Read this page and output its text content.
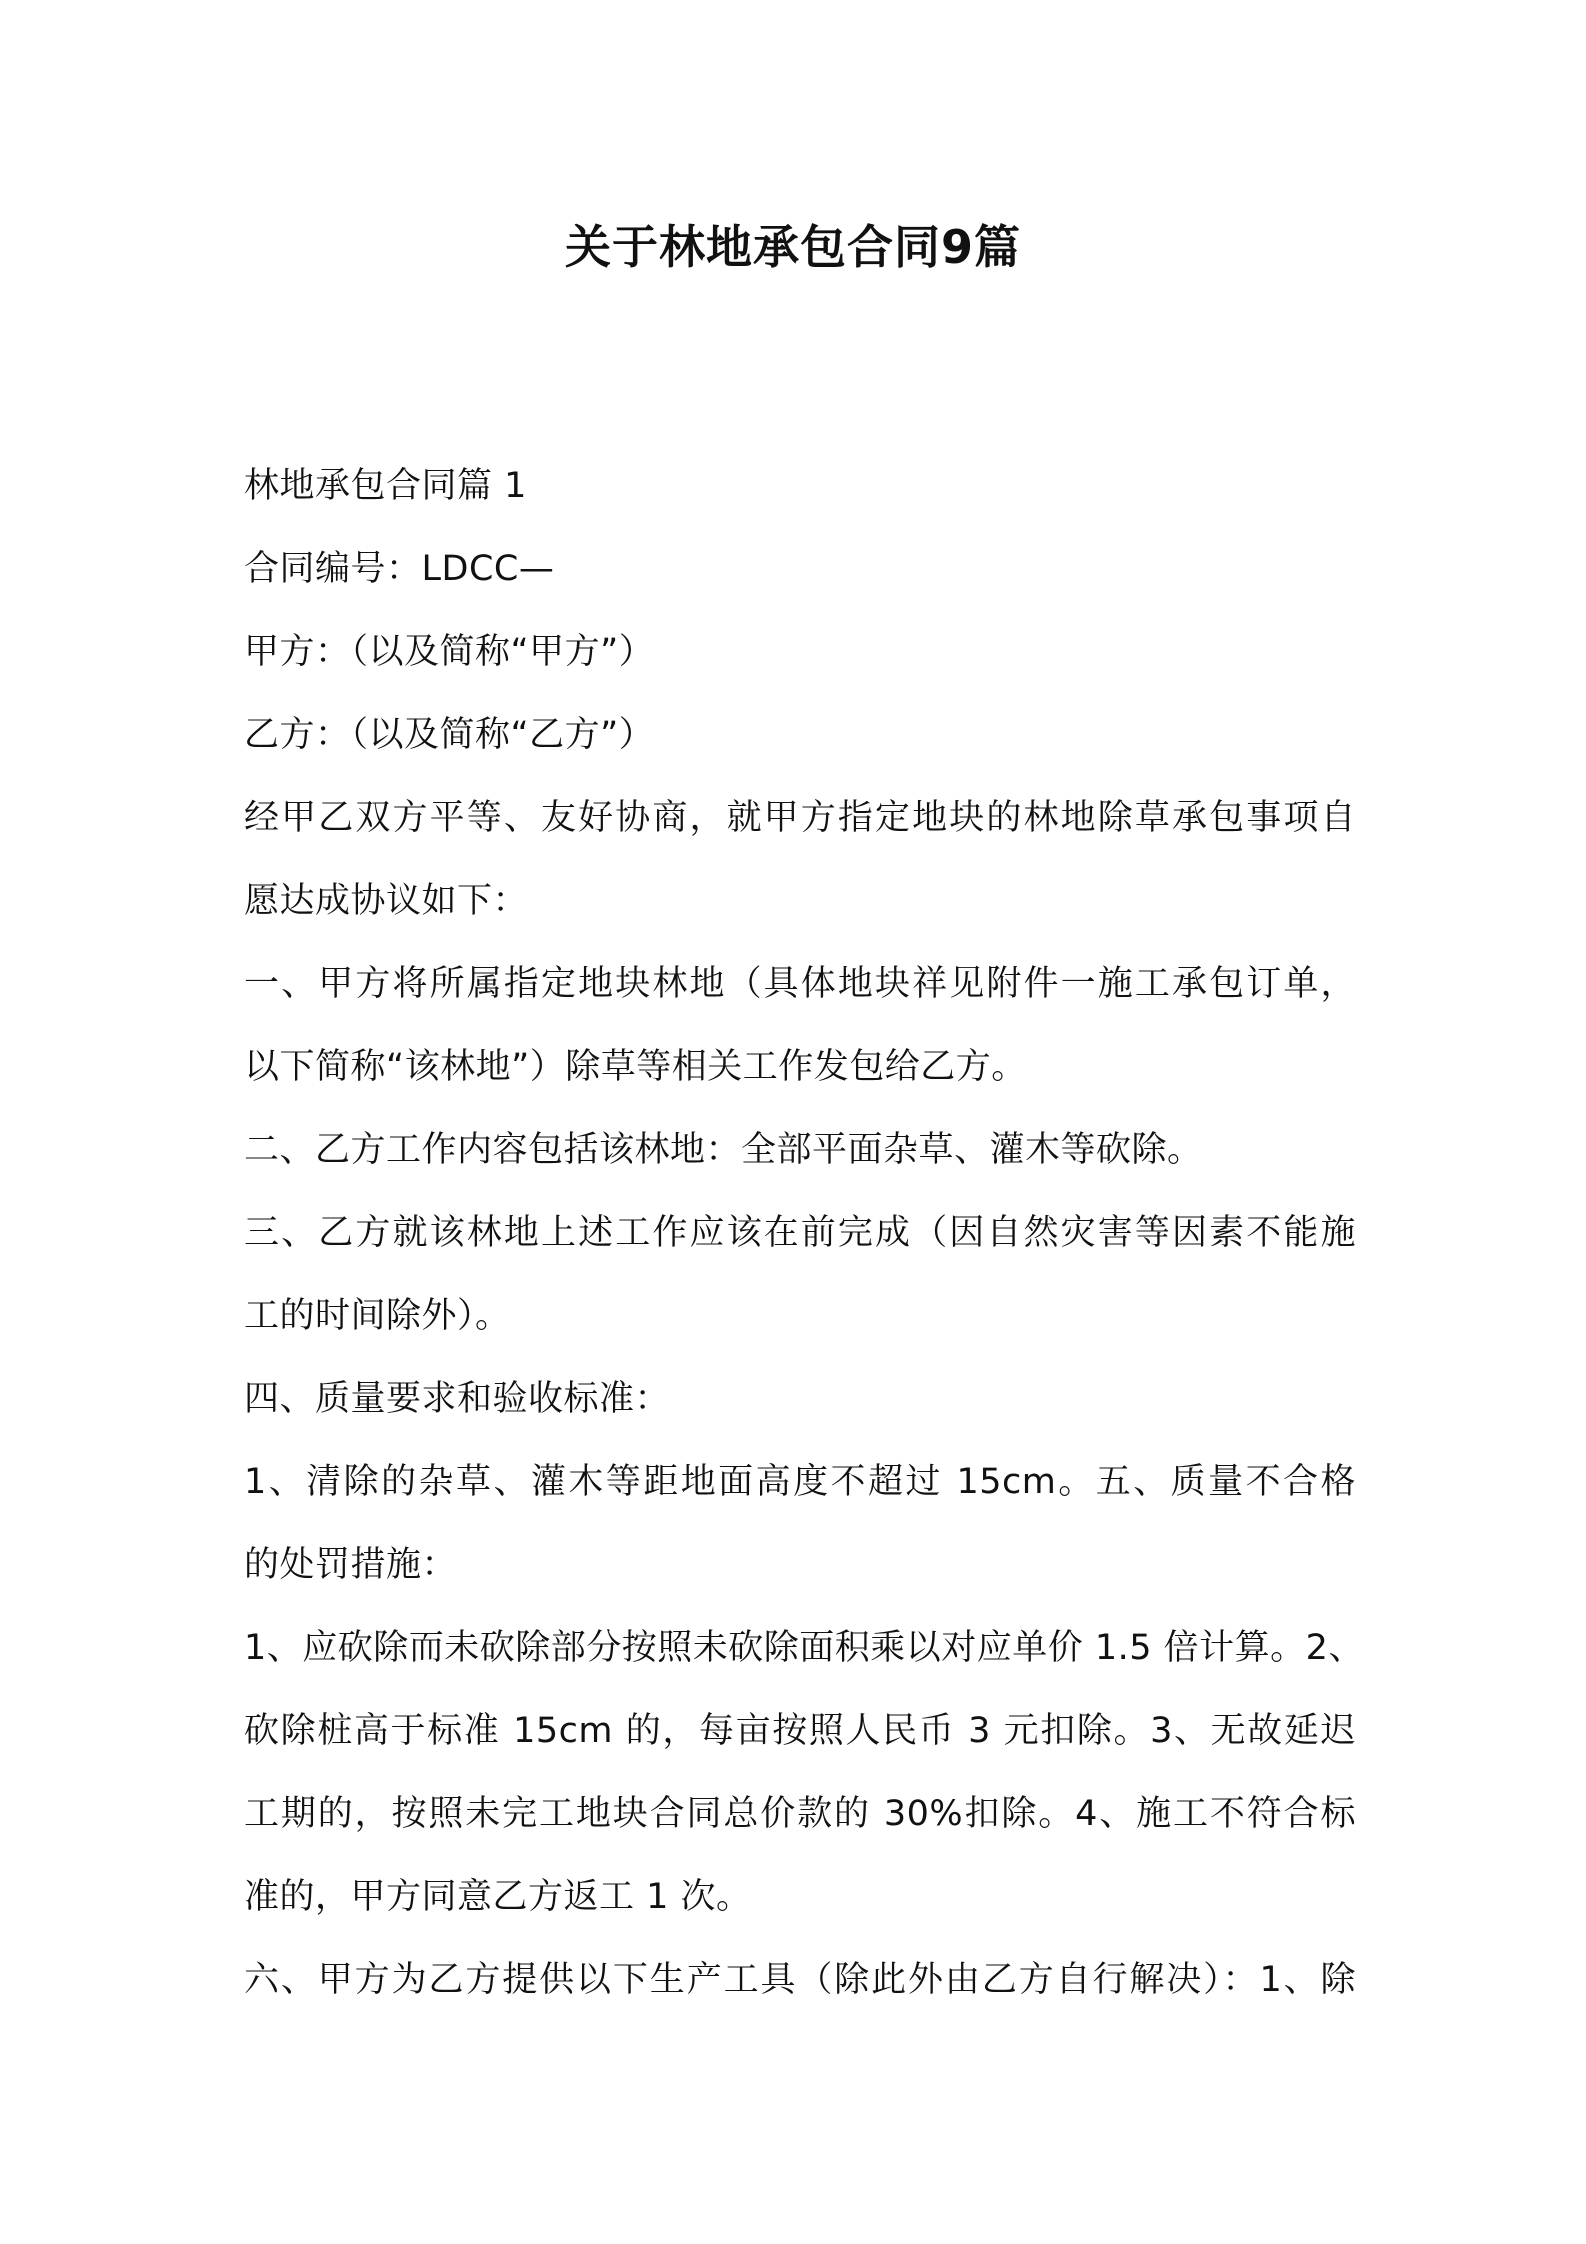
关于林地承包合同9篇
林地承包合同篇 1
合同编号：LDCC—
甲方：（以及简称“甲方”）
乙方：（以及简称“乙方”）
经甲乙双方平等、友好协商，就甲方指定地块的林地除草承包事项自
愿达成协议如下：
一、甲方将所属指定地块林地（具体地块祥见附件一施工承包订单，
以下简称“该林地”）除草等相关工作发包给乙方。
二、乙方工作内容包括该林地：全部平面杂草、灌木等砍除。
三、乙方就该林地上述工作应该在前完成（因自然灾害等因素不能施
工的时间除外）。
四、质量要求和验收标准：
1、清除的杂草、灌木等距地面高度不超过 15cm。五、质量不合格
的处罚措施：
1、应砍除而未砍除部分按照未砍除面积乘以对应单价 1.5 倍计算。2、
砍除桩高于标准 15cm 的，每亩按照人民币 3 元扣除。3、无故延迟
工期的，按照未完工地块合同总价款的 30%扣除。4、施工不符合标
准的，甲方同意乙方返工 1 次。
六、甲方为乙方提供以下生产工具（除此外由乙方自行解决）：1、除
